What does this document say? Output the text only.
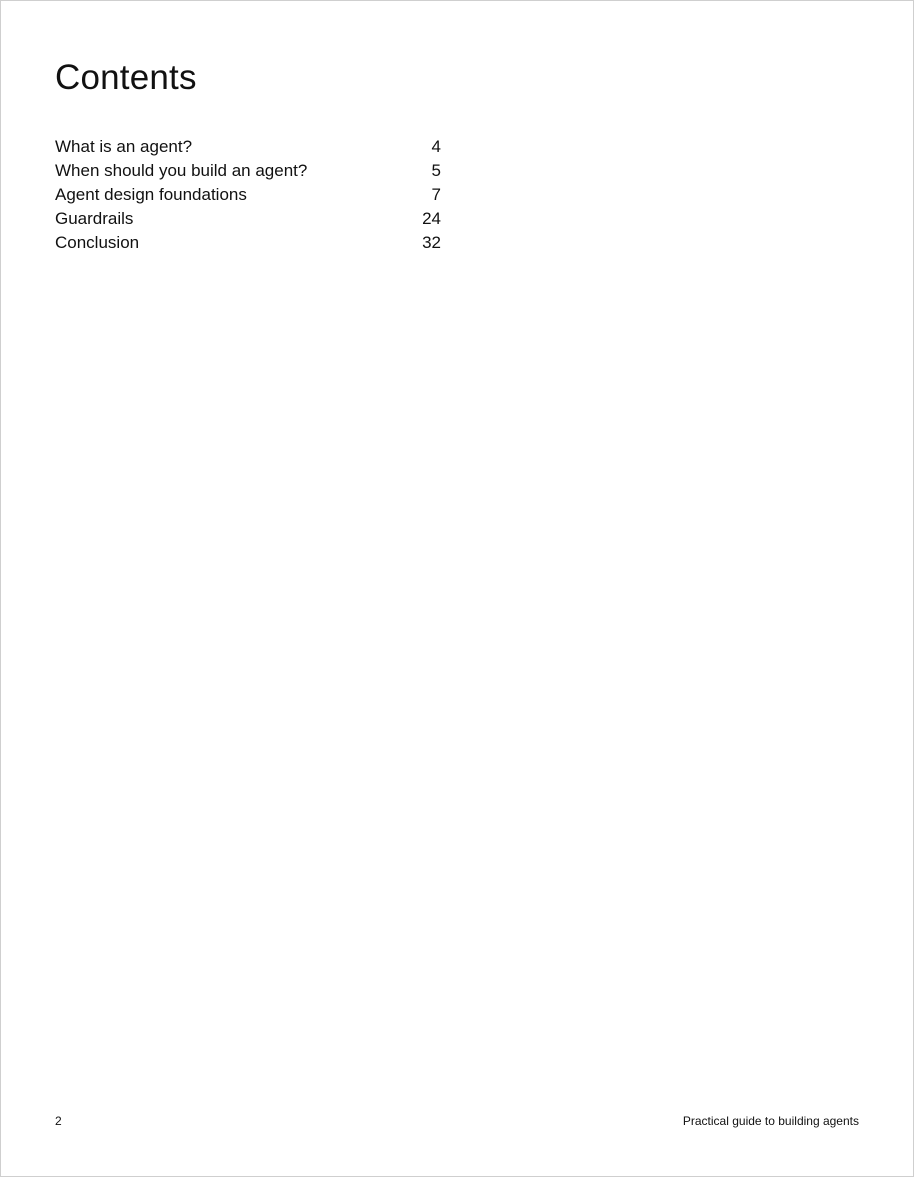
Contents
What is an agent?	4
When should you build an agent?	5
Agent design foundations	7
Guardrails	24
Conclusion	32
2	Practical guide to building agents
